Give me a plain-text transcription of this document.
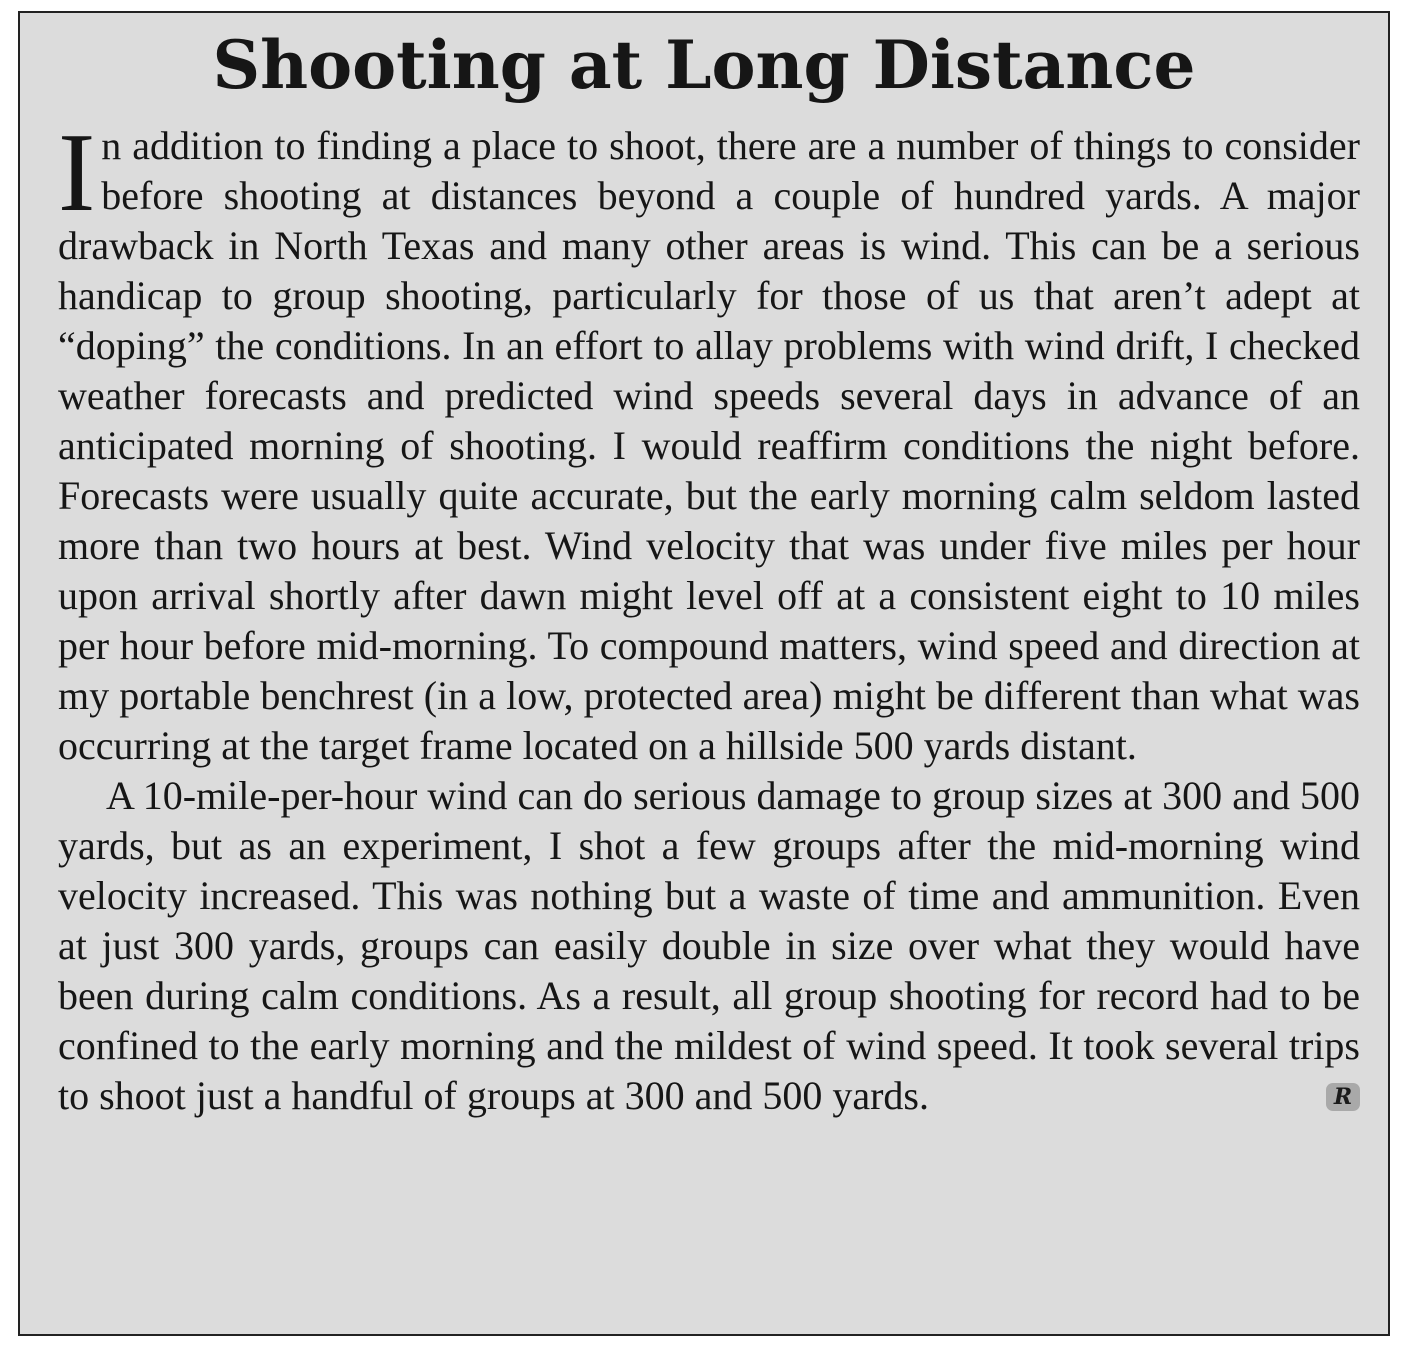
Shooting at Long Distance

In addition to finding a place to shoot, there are a number of things to consider before shooting at distances beyond a couple of hundred yards. A major drawback in North Texas and many other areas is wind. This can be a serious handicap to group shooting, particularly for those of us that aren’t adept at “doping” the conditions. In an effort to allay problems with wind drift, I checked weather forecasts and predicted wind speeds several days in advance of an anticipated morning of shooting. I would reaffirm conditions the night before. Forecasts were usually quite accurate, but the early morning calm seldom lasted more than two hours at best. Wind velocity that was under five miles per hour upon arrival shortly after dawn might level off at a consistent eight to 10 miles per hour before mid-morning. To compound matters, wind speed and direction at my portable benchrest (in a low, protected area) might be different than what was occurring at the target frame located on a hillside 500 yards distant.

A 10-mile-per-hour wind can do serious damage to group sizes at 300 and 500 yards, but as an experiment, I shot a few groups after the mid-morning wind velocity increased. This was nothing but a waste of time and ammunition. Even at just 300 yards, groups can easily double in size over what they would have been during calm conditions. As a result, all group shooting for record had to be confined to the early morning and the mildest of wind speed. It took several trips to shoot just a handful of groups at 300 and 500 yards.	R
